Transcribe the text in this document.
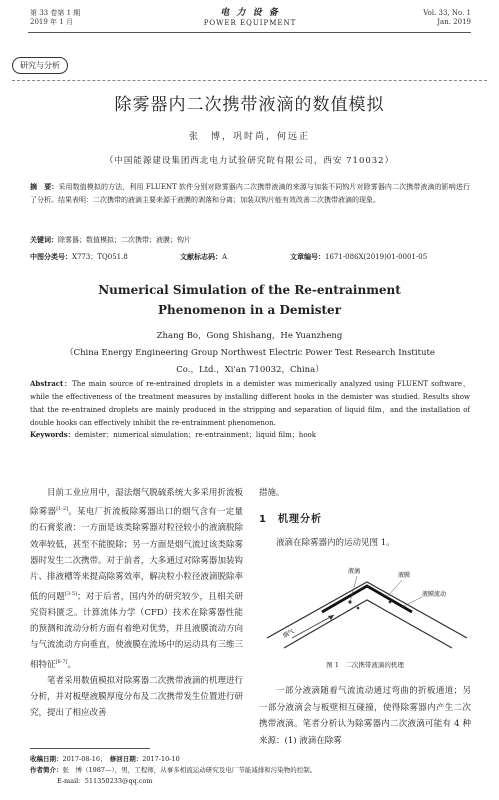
第 33 卷第 1 期
2019 年 1 月
电 力 设 备
POWER EQUIPMENT
Vol. 33, No. 1
Jan. 2019
研究与分析
除雾器内二次携带液滴的数值模拟
张　博，巩时尚，何远正
（中国能源建设集团西北电力试验研究院有限公司，西安 710032）
摘　要：采用数值模拟的方法，利用 FLUENT 软件分别对除雾器内二次携带液滴的来源与加装不同钩片对除雾器内二次携带液滴的影响进行了分析。结果表明：二次携带的液滴主要来源于液膜的剥落和分离；加装双钩片能有效改善二次携带液滴的现象。
关键词：除雾器；数值模拟；二次携带；液膜；钩片
中图分类号：X773；TQ051.8	文献标志码：A	文章编号：1671-086X(2019)01-0001-05
Numerical Simulation of the Re-entrainment
Phenomenon in a Demister
Zhang Bo，Gong Shishang，He Yuanzheng
（China Energy Engineering Group Northwest Electric Power Test Research Institute
Co.，Ltd.，Xi'an 710032，China）
Abstract：The main source of re-entrained droplets in a demister was numerically analyzed using FLUENT software，while the effectiveness of the treatment measures by installing different hooks in the demister was studied. Results show that the re-entrained droplets are mainly produced in the stripping and separation of liquid film，and the installation of double hooks can effectively inhibit the re-entrainment phenomenon.
Keywords：demister；numerical simulation；re-entrainment；liquid film；hook

目前工业应用中，湿法烟气脱硫系统大多采用折流板除雾器[1-2]。某电厂折流板除雾器出口的烟气含有一定量的石膏浆液：一方面是该类除雾器对粒径较小的液滴脱除效率较低，甚至不能脱除；另一方面是烟气流过该类除雾器时发生二次携带。对于前者，大多通过对除雾器加装钩片、排液槽等来提高除雾效率，解决粒小粒径液滴脱除率低的问题[3-5]；对于后者，国内外的研究较少，且相关研究资料匮乏。计算流体力学（CFD）技术在除雾器性能的预测和流动分析方面有着绝对优势，并且液膜流动方向与气流流动方向垂直，使液膜在流场中的运动具有三维三相特征[6-7]。

笔者采用数值模拟对除雾器二次携带液滴的机理进行分析，并对板壁液膜厚度分布及二次携带发生位置进行研究，提出了相应改善

措施。
1　机理分析
液滴在除雾器内的运动见图 1。
液滴
液膜
烟气
液膜流动
图 1　二次携带液滴的机理

一部分液滴随着气流流动通过弯曲的折板通道；另一部分液滴会与板壁相互碰撞，使得除雾器内产生二次携带液滴。笔者分析认为除雾器内二次液滴可能有 4 种来源：(1) 液滴在除雾

收稿日期：2017-08-16；　 修回日期：2017-10-10
作者简介：张　博（1987—），男，工程师，从事多相流运动研究及电厂节能减排和污染物的控制。
E-mail：511350233@qq.com
